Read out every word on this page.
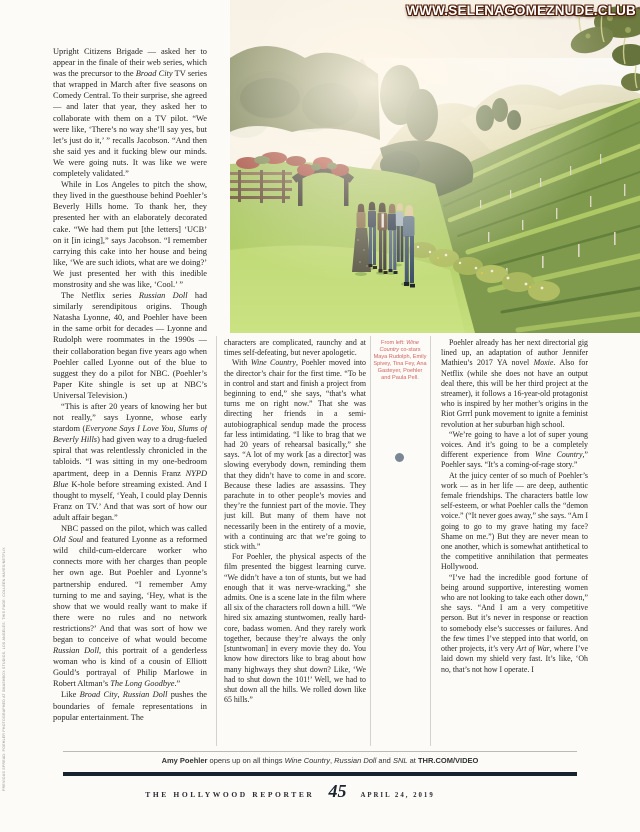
WWW.SELENAGOMEZNUDE.CLUB

Upright Citizens Brigade — asked her to appear in the finale of their web series, which was the precursor to the Broad City TV series that wrapped in March after five seasons on Comedy Central. To their surprise, she agreed — and later that year, they asked her to collaborate with them on a TV pilot. “We were like, ‘There’s no way she’ll say yes, but let’s just do it,’ ” recalls Jacobson. “And then she said yes and it fucking blew our minds. We were going nuts. It was like we were completely validated.”

While in Los Angeles to pitch the show, they lived in the guesthouse behind Poehler’s Beverly Hills home. To thank her, they presented her with an elaborately decorated cake. “We had them put [the letters] ‘UCB’ on it [in icing],” says Jacobson. “I remember carrying this cake into her house and being like, ‘We are such idiots, what are we doing?’ We just presented her with this inedible monstrosity and she was like, ‘Cool.’ ”

The Netflix series Russian Doll had similarly serendipitous origins. Though Natasha Lyonne, 40, and Poehler have been in the same orbit for decades — Lyonne and Rudolph were roommates in the 1990s — their collaboration began five years ago when Poehler called Lyonne out of the blue to suggest they do a pilot for NBC. (Poehler’s Paper Kite shingle is set up at NBC’s Universal Television.)

“This is after 20 years of knowing her but not really,” says Lyonne, whose early stardom (Everyone Says I Love You, Slums of Beverly Hills) had given way to a drug-fueled spiral that was relentlessly chronicled in the tabloids. “I was sitting in my one-bedroom apartment, deep in a Dennis Franz NYPD Blue K-hole before streaming existed. And I thought to myself, ‘Yeah, I could play Dennis Franz on TV.’ And that was sort of how our adult affair began.”

NBC passed on the pilot, which was called Old Soul and featured Lyonne as a reformed wild child-cum-eldercare worker who connects more with her charges than people her own age. But Poehler and Lyonne’s partnership endured. “I remember Amy turning to me and saying, ‘Hey, what is the show that we would really want to make if there were no rules and no network restrictions?’ And that was sort of how we began to conceive of what would become Russian Doll, this portrait of a genderless woman who is kind of a cousin of Elliott Gould’s portrayal of Philip Marlowe in Robert Altman’s The Long Goodbye.”

Like Broad City, Russian Doll pushes the boundaries of female representations in popular entertainment. The

characters are complicated, raunchy and at times self-defeating, but never apologetic.

With Wine Country, Poehler moved into the director’s chair for the first time. “To be in control and start and finish a project from beginning to end,” she says, “that’s what turns me on right now.” That she was directing her friends in a semi-autobiographical sendup made the process far less intimidating. “I like to brag that we had 20 years of rehearsal basically,” she says. “A lot of my work [as a director] was slowing everybody down, reminding them that they didn’t have to come in and score. Because these ladies are assassins. They parachute in to other people’s movies and they’re the funniest part of the movie. They just kill. But many of them have not necessarily been in the entirety of a movie, with a continuing arc that we’re going to stick with.”

For Poehler, the physical aspects of the film presented the biggest learning curve. “We didn’t have a ton of stunts, but we had enough that it was nerve-wracking,” she admits. One is a scene late in the film where all six of the characters roll down a hill. “We hired six amazing stuntwomen, really hard-core, badass women. And they rarely work together, because they’re always the only [stuntwoman] in every movie they do. You know how directors like to brag about how many highways they shut down? Like, ‘We had to shut down the 101!’ Well, we had to shut down all the hills. We rolled down like 65 hills.”

Poehler already has her next directorial gig lined up, an adaptation of author Jennifer Mathieu’s 2017 YA novel Moxie. Also for Netflix (while she does not have an output deal there, this will be her third project at the streamer), it follows a 16-year-old protagonist who is inspired by her mother’s origins in the Riot Grrrl punk movement to ignite a feminist revolution at her suburban high school.

“We’re going to have a lot of super young voices. And it’s going to be a completely different experience from Wine Country,” Poehler says. “It’s a coming-of-rage story.”

At the juicy center of so much of Poehler’s work — as in her life — are deep, authentic female friendships. The characters battle low self-esteem, or what Poehler calls the “demon voice.” (“It never goes away,” she says. “Am I going to go to my grave hating my face? Shame on me.”) But they are never mean to one another, which is somewhat antithetical to the competitive annihilation that permeates Hollywood.

“I’ve had the incredible good fortune of being around supportive, interesting women who are not looking to take each other down,” she says. “And I am a very competitive person. But it’s never in response or reaction to somebody else’s successes or failures. And the few times I’ve stepped into that world, on other projects, it’s very Art of War, where I’ve laid down my shield very fast. It’s like, ‘Oh no, that’s not how I operate. I

From left: Wine Country co-stars Maya Rudolph, Emily Spivey, Tina Fey, Ana Gasteyer, Poehler and Paula Pell.
PREVIOUS SPREAD: POEHLER PHOTOGRAPHED AT SMASHBOX STUDIOS, LOS ANGELES. THIS PAGE: COLLEEN HAYES/NETFLIX	Amy Poehler opens up on all things Wine Country, Russian Doll and SNL at THR.COM/VIDEO
THE HOLLYWOOD REPORTER 45 APRIL 24, 2019
